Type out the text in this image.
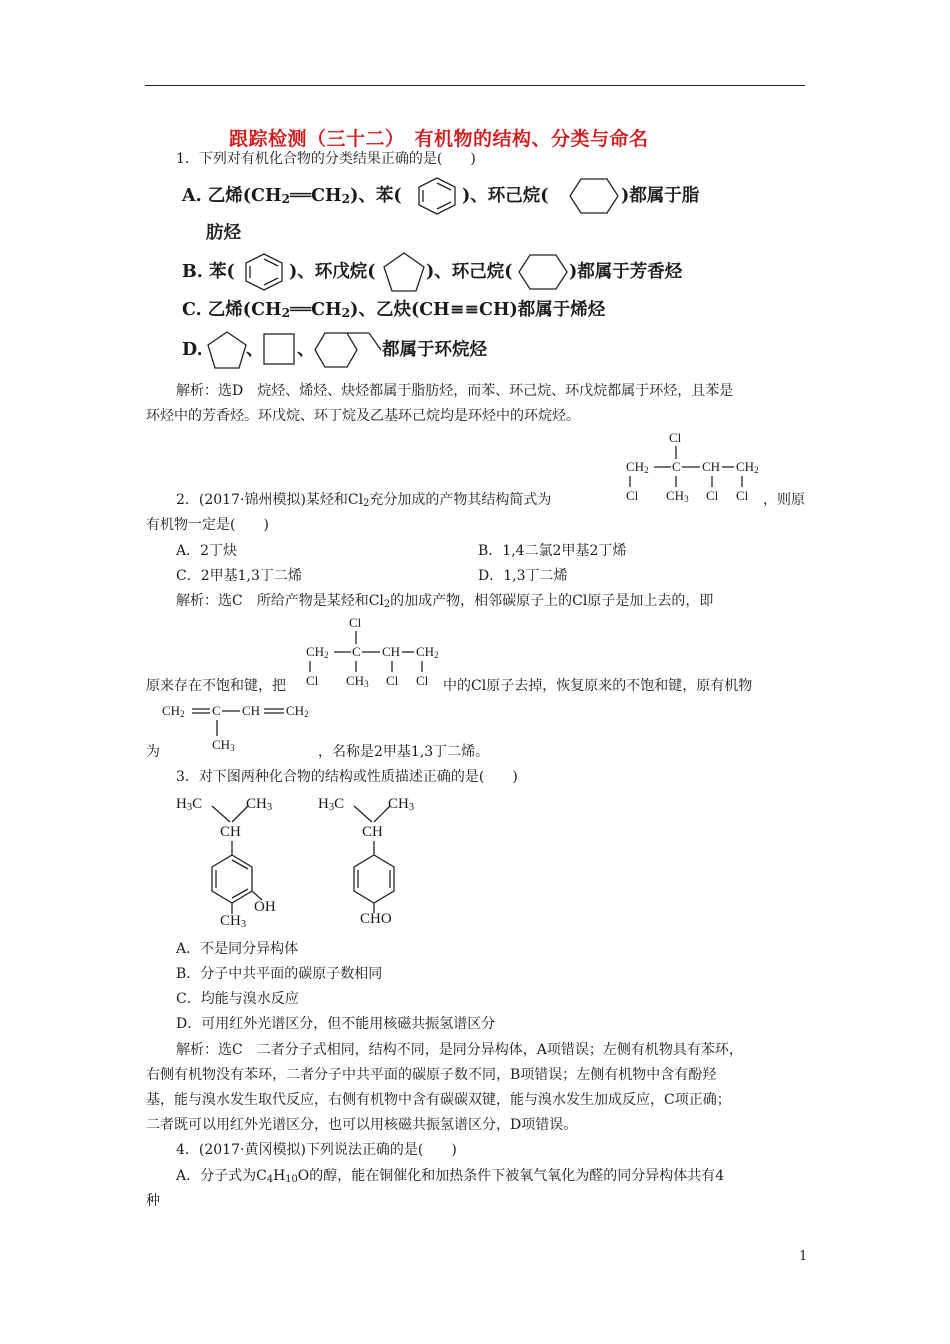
跟踪检测（三十二）　有机物的结构、分类与命名
1．下列对有机化合物的分类结果正确的是(　　)
A. 乙烯(CH2══CH2)、苯(	)、环己烷(	)都属于脂
肪烃
B. 苯(	)、环戊烷(	)、环己烷(	)都属于芳香烃
C. 乙烯(CH2══CH2)、乙炔(CH≡≡CH)都属于烯烃
D. 、 、	都属于环烷烃
解析：选D　烷烃、烯烃、炔烃都属于脂肪烃，而苯、环己烷、环戊烷都属于环烃，且苯是
环烃中的芳香烃。环戊烷、环丁烷及乙基环己烷均是环烃中的环烷烃。
Cl
$CH_2$ C CH $CH_2$
Cl $CH_3$ Cl Cl
2．(2017·锦州模拟)某烃和$Cl_2$充分加成的产物其结构简式为	，则原
有机物一定是(　　)
A．2丁炔	B．1,4二氯2甲基2丁烯
C．2甲基1,3丁二烯	D．1,3丁二烯
解析：选C　所给产物是某烃和$Cl_2$的加成产物，相邻碳原子上的Cl原子是加上去的，即
Cl
$CH_2$ C CH $CH_2$
Cl $CH_3$ Cl Cl
原来存在不饱和键，把	中的Cl原子去掉，恢复原来的不饱和键，原有机物
$CH_2$ C CH $CH_2$
$CH_3$
为	，名称是2甲基1,3丁二烯。
3．对下图两种化合物的结构或性质描述正确的是(　　)
H3C	CH3
CH
OH
CH3
H3C	CH3
CH
CHO
A．不是同分异构体
B．分子中共平面的碳原子数相同
C．均能与溴水反应
D．可用红外光谱区分，但不能用核磁共振氢谱区分
解析：选C　二者分子式相同，结构不同，是同分异构体，A项错误；左侧有机物具有苯环，
右侧有机物没有苯环，二者分子中共平面的碳原子数不同，B项错误；左侧有机物中含有酚羟
基，能与溴水发生取代反应，右侧有机物中含有碳碳双键，能与溴水发生加成反应，C项正确；
二者既可以用红外光谱区分，也可以用核磁共振氢谱区分，D项错误。
4．(2017·黄冈模拟)下列说法正确的是(　　)
A．分子式为$C_4H_{10}O$的醇，能在铜催化和加热条件下被氧气氧化为醛的同分异构体共有4
种
1
